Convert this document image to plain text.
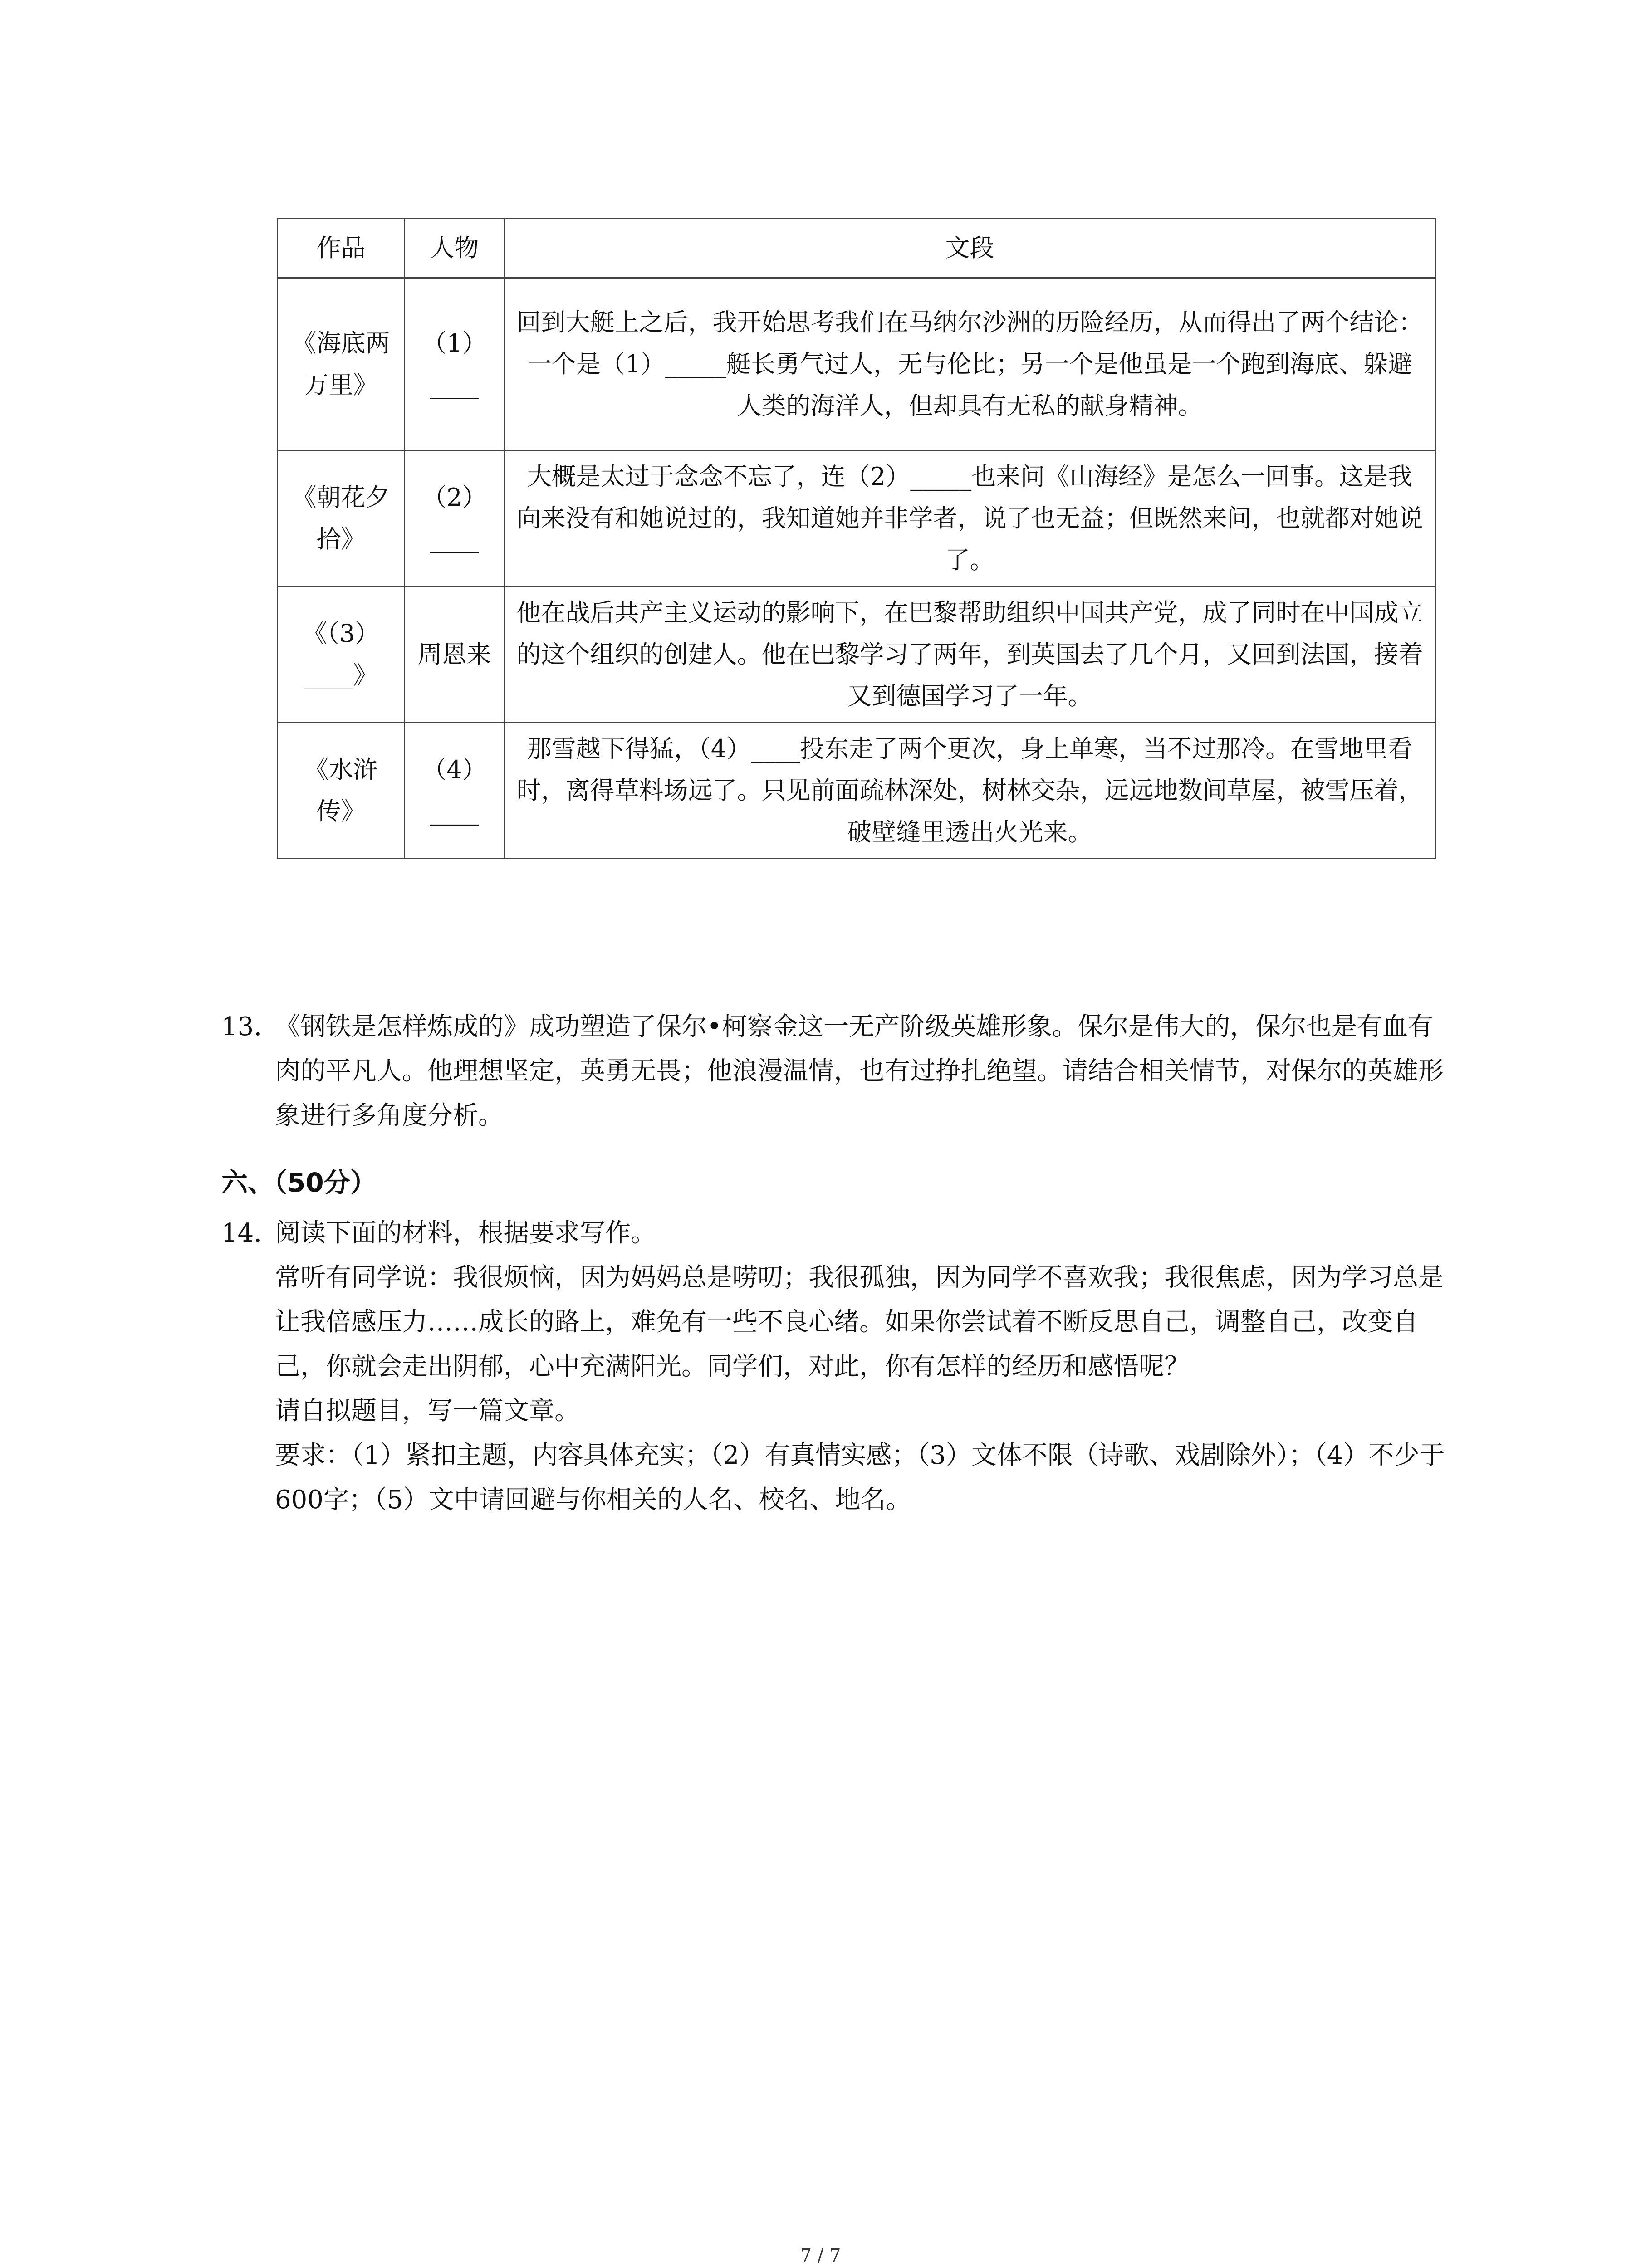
作品	人物	文段
《海底两万里》	（1）____	回到大艇上之后，我开始思考我们在马纳尔沙洲的历险经历，从而得出了两个结论：一个是（1）_____艇长勇气过人，无与伦比；另一个是他虽是一个跑到海底、躲避人类的海洋人，但却具有无私的献身精神。
《朝花夕拾》	（2）____	大概是太过于念念不忘了，连（2）_____也来问《山海经》是怎么一回事。这是我向来没有和她说过的，我知道她并非学者，说了也无益；但既然来问，也就都对她说了。
《（3）____》	周恩来	他在战后共产主义运动的影响下，在巴黎帮助组织中国共产党，成了同时在中国成立的这个组织的创建人。他在巴黎学习了两年，到英国去了几个月，又回到法国，接着又到德国学习了一年。
《水浒传》	（4）____	那雪越下得猛，（4）____投东走了两个更次，身上单寒，当不过那冷。在雪地里看时，离得草料场远了。只见前面疏林深处，树林交杂，远远地数间草屋，被雪压着，破壁缝里透出火光来。
13. 《钢铁是怎样炼成的》成功塑造了保尔•柯察金这一无产阶级英雄形象。保尔是伟大的，保尔也是有血有肉的平凡人。他理想坚定，英勇无畏；他浪漫温情，也有过挣扎绝望。请结合相关情节，对保尔的英雄形象进行多角度分析。
六、（50分）
14. 阅读下面的材料，根据要求写作。
常听有同学说：我很烦恼，因为妈妈总是唠叨；我很孤独，因为同学不喜欢我；我很焦虑，因为学习总是让我倍感压力……成长的路上，难免有一些不良心绪。如果你尝试着不断反思自己，调整自己，改变自己，你就会走出阴郁，心中充满阳光。同学们，对此，你有怎样的经历和感悟呢？
请自拟题目，写一篇文章。
要求：（1）紧扣主题，内容具体充实；（2）有真情实感；（3）文体不限（诗歌、戏剧除外）；（4）不少于600字；（5）文中请回避与你相关的人名、校名、地名。
7 / 7
